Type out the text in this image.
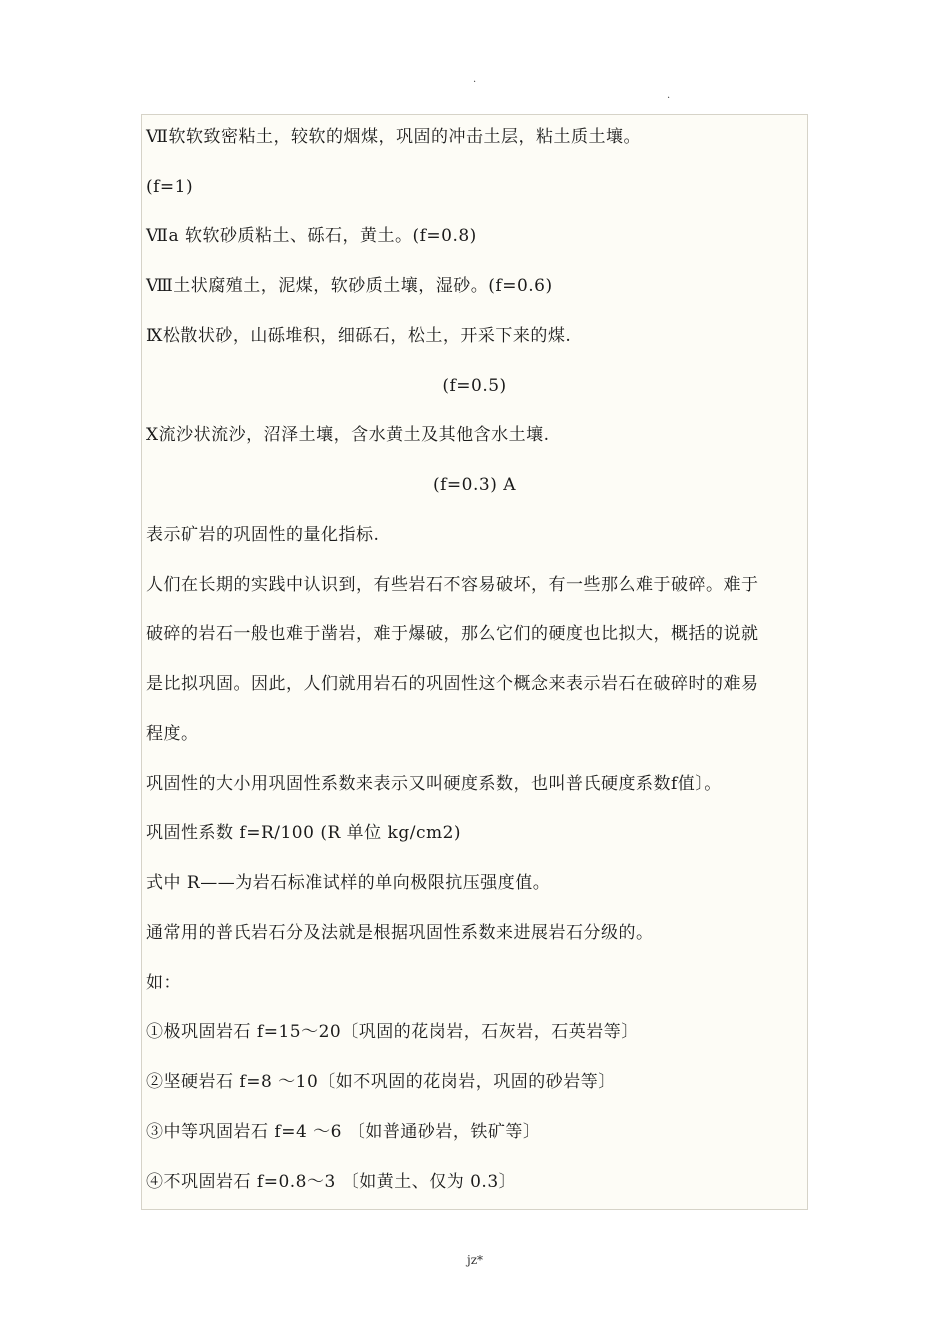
.
.
Ⅶ软软致密粘土，较软的烟煤，巩固的冲击土层，粘土质土壤。
(f=1)
Ⅶa 软软砂质粘土、砾石，黄土。(f=0.8)
Ⅷ土状腐殖土，泥煤，软砂质土壤，湿砂。(f=0.6)
Ⅸ松散状砂，山砾堆积，细砾石，松土，开采下来的煤.
(f=0.5)
Ⅹ流沙状流沙，沼泽土壤，含水黄土及其他含水土壤.
(f=0.3) A
表示矿岩的巩固性的量化指标.
人们在长期的实践中认识到，有些岩石不容易破坏，有一些那么难于破碎。难于
破碎的岩石一般也难于凿岩，难于爆破，那么它们的硬度也比拟大，概括的说就
是比拟巩固。因此，人们就用岩石的巩固性这个概念来表示岩石在破碎时的难易
程度。
巩固性的大小用巩固性系数来表示又叫硬度系数，也叫普氏硬度系数f值〕。
巩固性系数 f=R/100 (R 单位 kg/cm2)
式中 R——为岩石标准试样的单向极限抗压强度值。
通常用的普氏岩石分及法就是根据巩固性系数来进展岩石分级的。
如：
①极巩固岩石 f=15～20〔巩固的花岗岩，石灰岩，石英岩等〕
②坚硬岩石 f=8 ～10〔如不巩固的花岗岩，巩固的砂岩等〕
③中等巩固岩石 f=4 ～6 〔如普通砂岩，铁矿等〕
④不巩固岩石 f=0.8～3 〔如黄土、仅为 0.3〕
jz*
